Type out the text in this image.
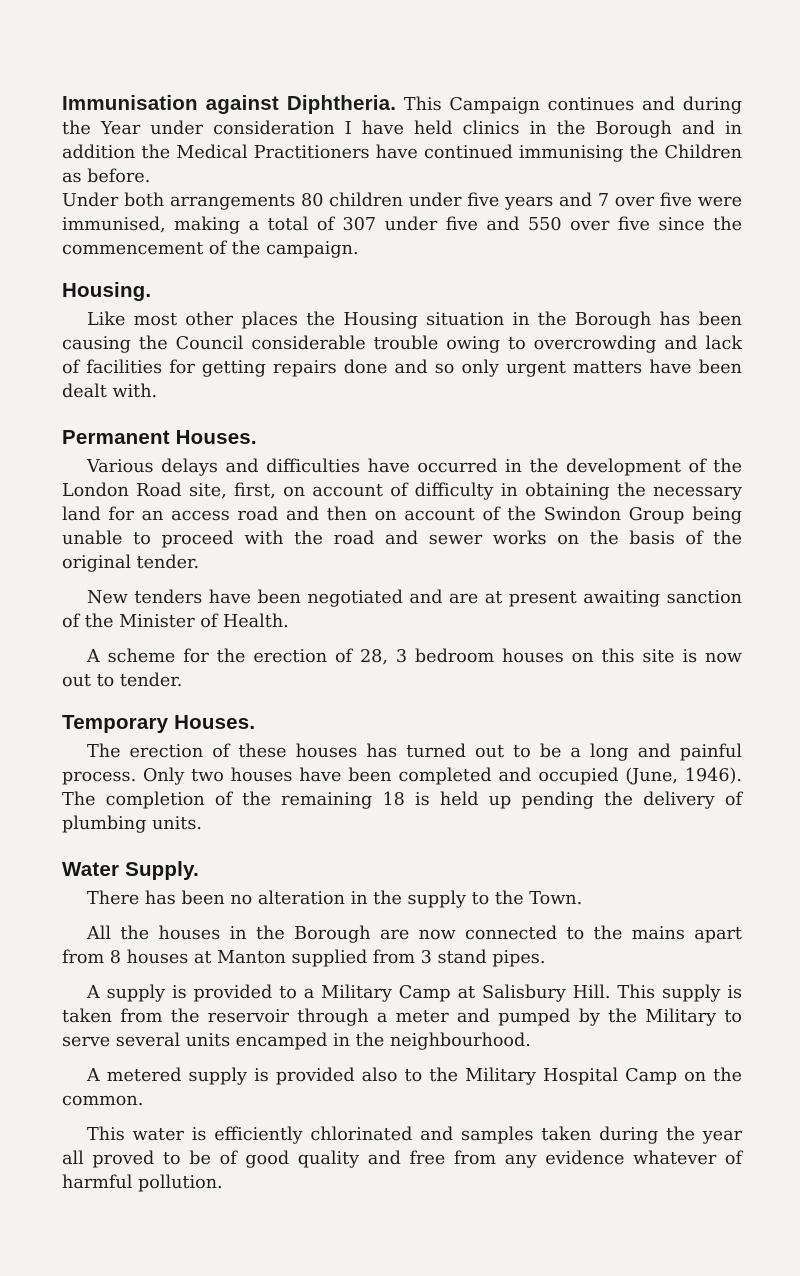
Immunisation against Diphtheria. This Campaign continues and during the Year under consideration I have held clinics in the Borough and in addition the Medical Practitioners have continued immunising the Children as before.

Under both arrangements 80 children under five years and 7 over five were immunised, making a total of 307 under five and 550 over five since the commencement of the campaign.

Housing.

Like most other places the Housing situation in the Borough has been causing the Council considerable trouble owing to overcrowding and lack of facilities for getting repairs done and so only urgent matters have been dealt with.

Permanent Houses.

Various delays and difficulties have occurred in the development of the London Road site, first, on account of difficulty in obtaining the necessary land for an access road and then on account of the Swindon Group being unable to proceed with the road and sewer works on the basis of the original tender.

New tenders have been negotiated and are at present awaiting sanction of the Minister of Health.

A scheme for the erection of 28, 3 bedroom houses on this site is now out to tender.

Temporary Houses.

The erection of these houses has turned out to be a long and painful process. Only two houses have been completed and occupied (June, 1946). The completion of the remaining 18 is held up pending the delivery of plumbing units.

Water Supply.

There has been no alteration in the supply to the Town.

All the houses in the Borough are now connected to the mains apart from 8 houses at Manton supplied from 3 stand pipes.

A supply is provided to a Military Camp at Salisbury Hill. This supply is taken from the reservoir through a meter and pumped by the Military to serve several units encamped in the neighbourhood.

A metered supply is provided also to the Military Hospital Camp on the common.

This water is efficiently chlorinated and samples taken during the year all proved to be of good quality and free from any evidence whatever of harmful pollution.
